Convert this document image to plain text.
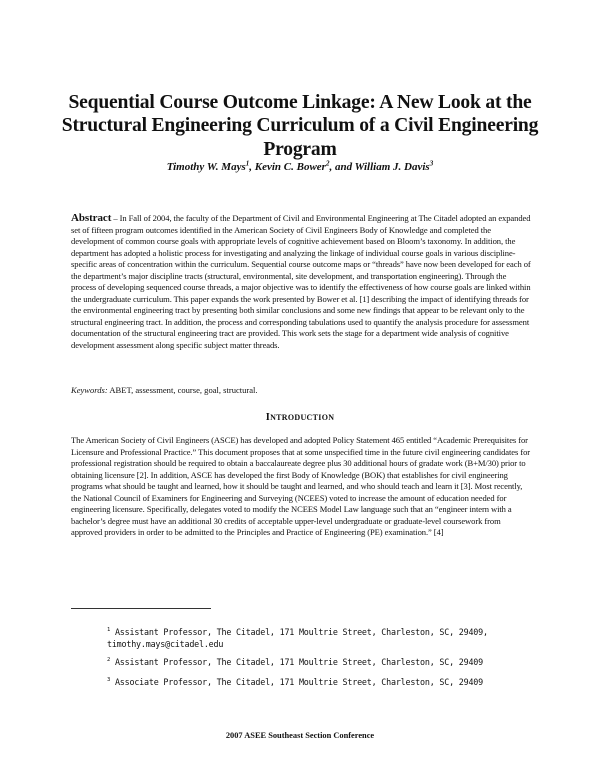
Sequential Course Outcome Linkage: A New Look at the Structural Engineering Curriculum of a Civil Engineering Program
Timothy W. Mays$^1$, Kevin C. Bower$^2$, and William J. Davis$^3$

Abstract – In Fall of 2004, the faculty of the Department of Civil and Environmental Engineering at The Citadel adopted an expanded set of fifteen program outcomes identified in the American Society of Civil Engineers Body of Knowledge and completed the development of common course goals with appropriate levels of cognitive achievement based on Bloom’s taxonomy. In addition, the department has adopted a holistic process for investigating and analyzing the linkage of individual course goals in various discipline-specific areas of concentration within the curriculum. Sequential course outcome maps or “threads” have now been developed for each of the department’s major discipline tracts (structural, environmental, site development, and transportation engineering). Through the process of developing sequenced course threads, a major objective was to identify the effectiveness of how course goals are linked within the undergraduate curriculum. This paper expands the work presented by Bower et al. [1] describing the impact of identifying threads for the environmental engineering tract by presenting both similar conclusions and some new findings that appear to be relevant only to the structural engineering tract. In addition, the process and corresponding tabulations used to quantify the analysis procedure for assessment documentation of the structural engineering tract are provided. This work sets the stage for a department wide analysis of cognitive development assessment along specific subject matter threads.

Keywords: ABET, assessment, course, goal, structural.

INTRODUCTION

The American Society of Civil Engineers (ASCE) has developed and adopted Policy Statement 465 entitled “Academic Prerequisites for Licensure and Professional Practice.” This document proposes that at some unspecified time in the future civil engineering candidates for professional registration should be required to obtain a baccalaureate degree plus 30 additional hours of gradate work (B+M/30) prior to obtaining licensure [2]. In addition, ASCE has developed the first Body of Knowledge (BOK) that establishes for civil engineering programs what should be taught and learned, how it should be taught and learned, and who should teach and learn it [3]. Most recently, the National Council of Examiners for Engineering and Surveying (NCEES) voted to increase the amount of education needed for engineering licensure. Specifically, delegates voted to modify the NCEES Model Law language such that an “engineer intern with a bachelor’s degree must have an additional 30 credits of acceptable upper-level undergraduate or graduate-level coursework from approved providers in order to be admitted to the Principles and Practice of Engineering (PE) examination.” [4]

$^1$ Assistant Professor, The Citadel, 171 Moultrie Street, Charleston, SC, 29409,
timothy.mays@citadel.edu
$^2$ Assistant Professor, The Citadel, 171 Moultrie Street, Charleston, SC, 29409
$^3$ Associate Professor, The Citadel, 171 Moultrie Street, Charleston, SC, 29409
2007 ASEE Southeast Section Conference
